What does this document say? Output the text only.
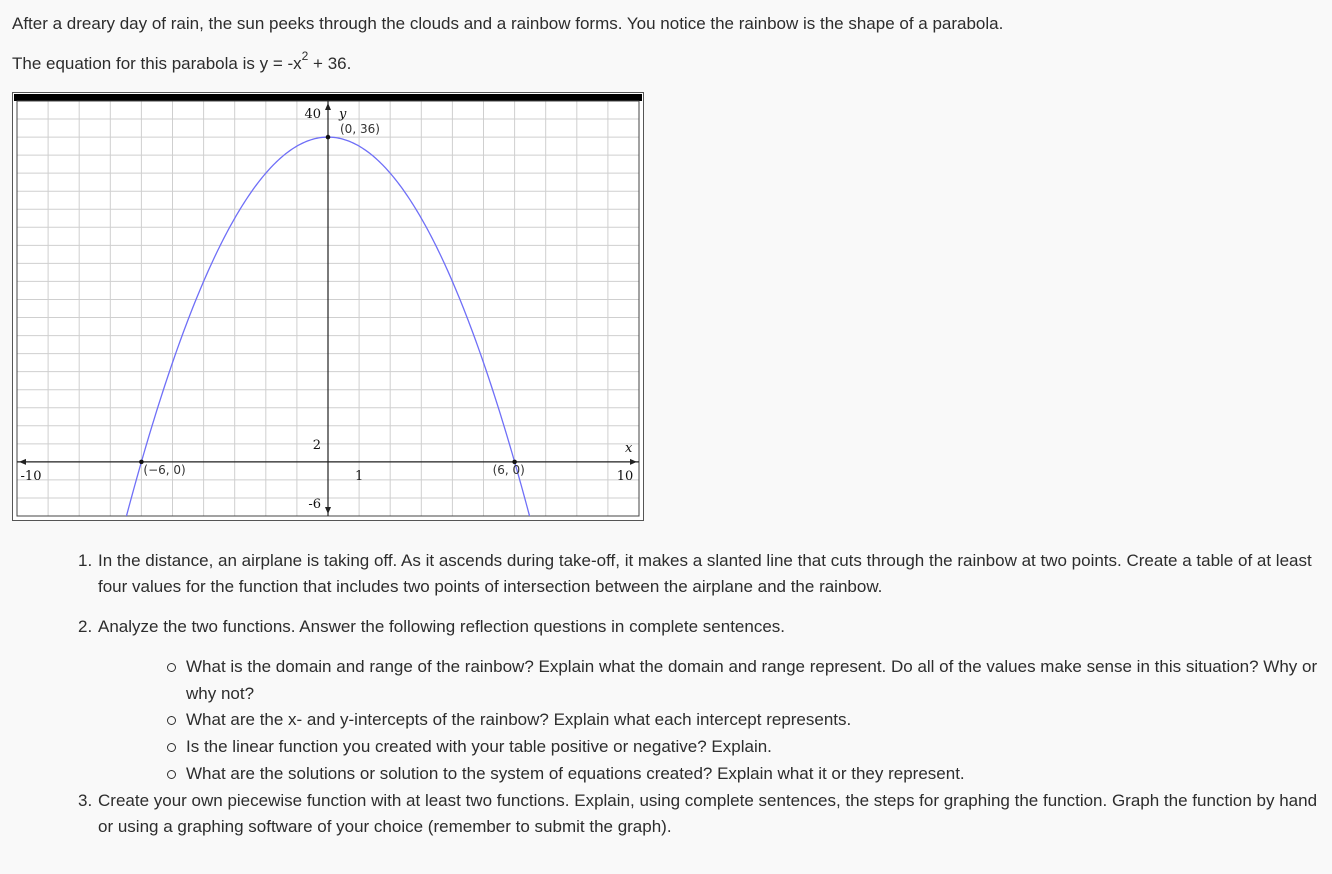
After a dreary day of rain, the sun peeks through the clouds and a rainbow forms. You notice the rainbow is the shape of a parabola.

The equation for this parabola is $y = -x^2 + 36$.

y
x
(0, 36)
(−6, 0)	(6, 0)
-10	1	10
40
2
-6
1. In the distance, an airplane is taking off. As it ascends during take-off, it makes a slanted line that cuts through the rainbow at two points. Create a table of at least four values for the function that includes two points of intersection between the airplane and the rainbow.
2. Analyze the two functions. Answer the following reflection questions in complete sentences.
What is the domain and range of the rainbow? Explain what the domain and range represent. Do all of the values make sense in this situation? Why or why not?
What are the x- and y-intercepts of the rainbow? Explain what each intercept represents.
Is the linear function you created with your table positive or negative? Explain.
What are the solutions or solution to the system of equations created? Explain what it or they represent.
3. Create your own piecewise function with at least two functions. Explain, using complete sentences, the steps for graphing the function. Graph the function by hand or using a graphing software of your choice (remember to submit the graph).
